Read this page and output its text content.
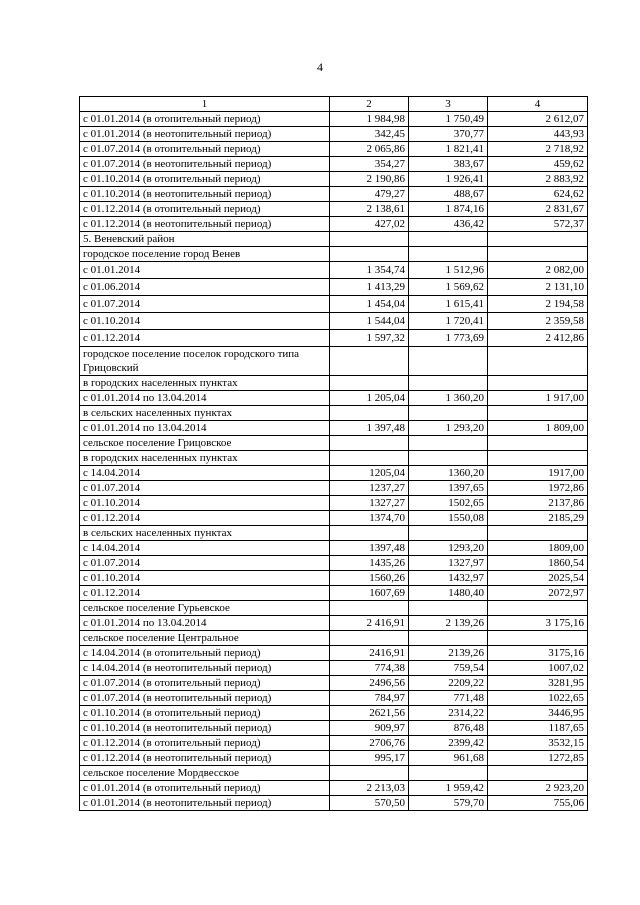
4
1	2	3	4
с 01.01.2014 (в отопительный период)	1 984,98	1 750,49	2 612,07
с 01.01.2014 (в неотопительный период)	342,45	370,77	443,93
с 01.07.2014 (в отопительный период)	2 065,86	1 821,41	2 718,92
с 01.07.2014 (в неотопительный период)	354,27	383,67	459,62
с 01.10.2014 (в отопительный период)	2 190,86	1 926,41	2 883,92
с 01.10.2014 (в неотопительный период)	479,27	488,67	624,62
с 01.12.2014 (в отопительный период)	2 138,61	1 874,16	2 831,67
с 01.12.2014 (в неотопительный период)	427,02	436,42	572,37
5. Веневский район			
городское поселение город Венев			
с 01.01.2014	1 354,74	1 512,96	2 082,00
с 01.06.2014	1 413,29	1 569,62	2 131,10
с 01.07.2014	1 454,04	1 615,41	2 194,58
с 01.10.2014	1 544,04	1 720,41	2 359,58
с 01.12.2014	1 597,32	1 773,69	2 412,86
городское поселение поселок городского типа Грицовский			
в городских населенных пунктах			
с 01.01.2014 по 13.04.2014	1 205,04	1 360,20	1 917,00
в сельских населенных пунктах			
с 01.01.2014 по 13.04.2014	1 397,48	1 293,20	1 809,00
сельское поселение Грицовское			
в городских населенных пунктах			
с 14.04.2014	1205,04	1360,20	1917,00
с 01.07.2014	1237,27	1397,65	1972,86
с 01.10.2014	1327,27	1502,65	2137,86
с 01.12.2014	1374,70	1550,08	2185,29
в сельских населенных пунктах			
с 14.04.2014	1397,48	1293,20	1809,00
с 01.07.2014	1435,26	1327,97	1860,54
с 01.10.2014	1560,26	1432,97	2025,54
с 01.12.2014	1607,69	1480,40	2072,97
сельское поселение Гурьевское			
с 01.01.2014 по 13.04.2014	2 416,91	2 139,26	3 175,16
сельское поселение Центральное			
с 14.04.2014 (в отопительный период)	2416,91	2139,26	3175,16
с 14.04.2014 (в неотопительный период)	774,38	759,54	1007,02
с 01.07.2014 (в отопительный период)	2496,56	2209,22	3281,95
с 01.07.2014 (в неотопительный период)	784,97	771,48	1022,65
с 01.10.2014 (в отопительный период)	2621,56	2314,22	3446,95
с 01.10.2014 (в неотопительный период)	909,97	876,48	1187,65
с 01.12.2014 (в отопительный период)	2706,76	2399,42	3532,15
с 01.12.2014 (в неотопительный период)	995,17	961,68	1272,85
сельское поселение Мордвесское			
с 01.01.2014 (в отопительный период)	2 213,03	1 959,42	2 923,20
с 01.01.2014 (в неотопительный период)	570,50	579,70	755,06
